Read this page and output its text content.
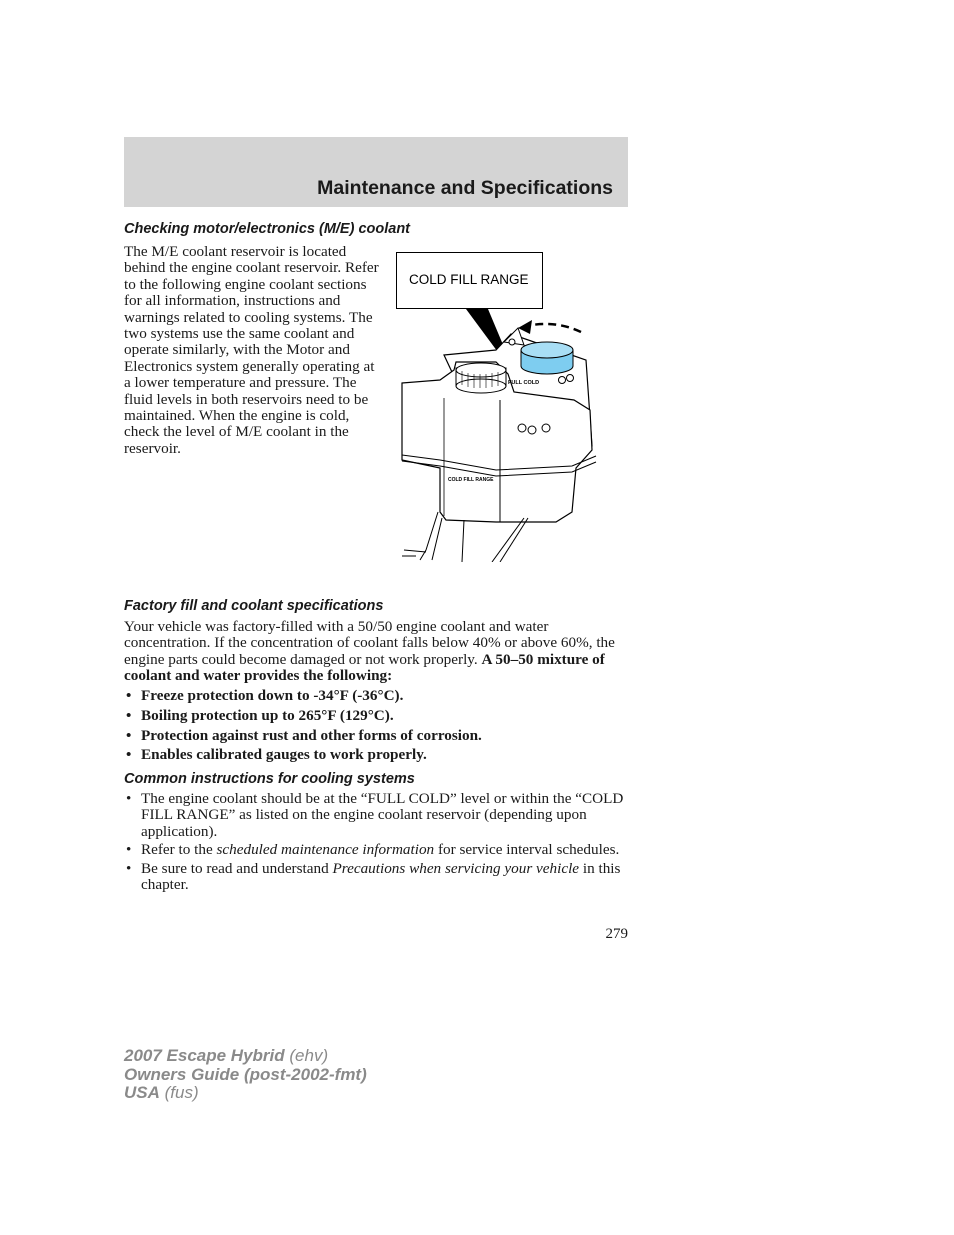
Maintenance and Specifications
Checking motor/electronics (M/E) coolant

The M/E coolant reservoir is located behind the engine coolant reservoir. Refer to the following engine coolant sections for all information, instructions and warnings related to cooling systems. The two systems use the same coolant and operate similarly, with the Motor and Electronics system generally operating at a lower temperature and pressure. The fluid levels in both reservoirs need to be maintained. When the engine is cold, check the level of M/E coolant in the reservoir.

FULL COLD
COLD FILL RANGE
COLD FILL RANGE
Factory fill and coolant specifications

Your vehicle was factory-filled with a 50/50 engine coolant and water concentration. If the concentration of coolant falls below 40% or above 60%, the engine parts could become damaged or not work properly. A 50–50 mixture of coolant and water provides the following:

• Freeze protection down to -34°F (-36°C).
• Boiling protection up to 265°F (129°C).
• Protection against rust and other forms of corrosion.
• Enables calibrated gauges to work properly.
Common instructions for cooling systems
• The engine coolant should be at the “FULL COLD” level or within the “COLD FILL RANGE” as listed on the engine coolant reservoir (depending upon application).
• Refer to the scheduled maintenance information for service interval schedules.
• Be sure to read and understand Precautions when servicing your vehicle in this chapter.
279
2007 Escape Hybrid (ehv)
Owners Guide (post-2002-fmt)
USA (fus)
